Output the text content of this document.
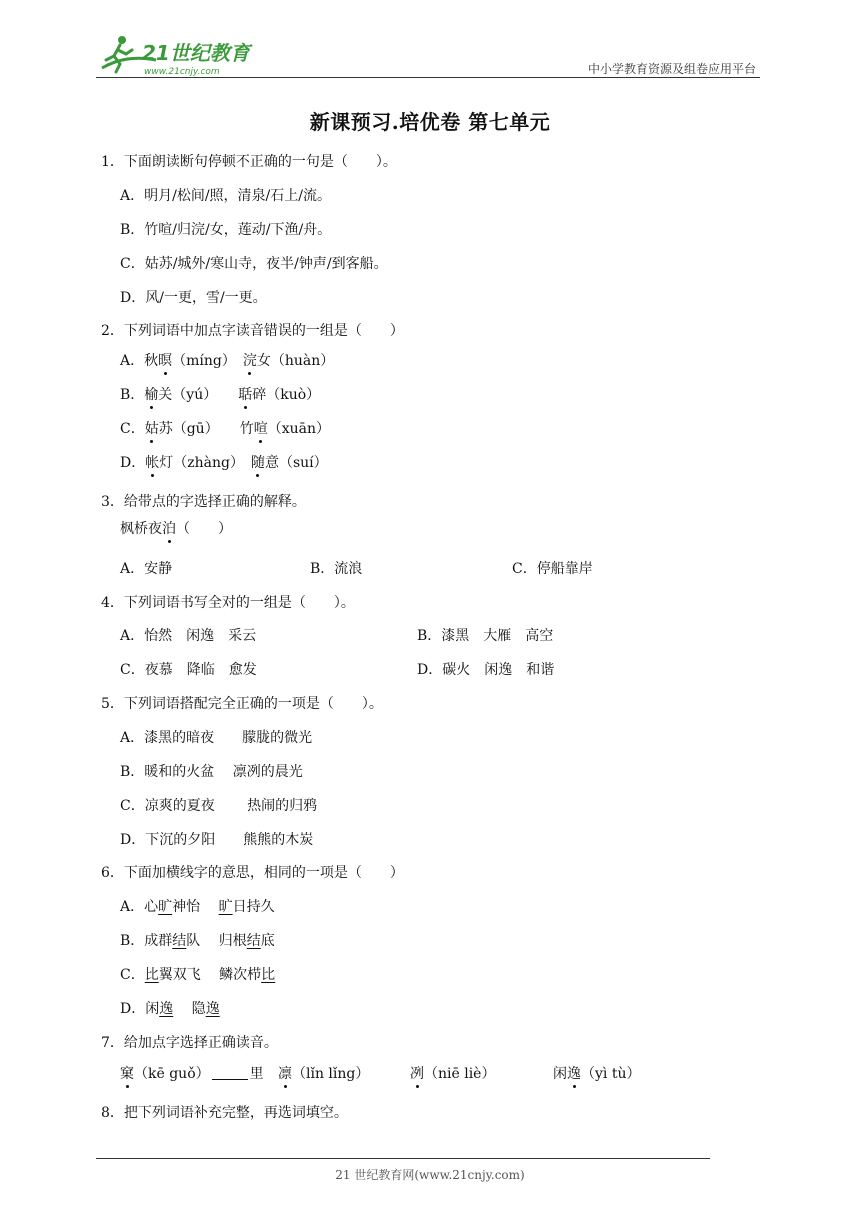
21世纪教育
www.21cnjy.com	中小学教育资源及组卷应用平台
新课预习.培优卷 第七单元
1．下面朗读断句停顿不正确的一句是（　　）。
A．明月/松间/照，清泉/石上/流。
B．竹喧/归浣/女，莲动/下渔/舟。
C．姑苏/城外/寒山寺，夜半/钟声/到客船。
D．风/一更，雪/一更。
2．下列词语中加点字读音错误的一组是（　　）
A．秋暝（míng）　浣女（huàn）
B．榆关（yú）　　聒碎（kuò）
C．姑苏（gū）　　竹喧（xuān）
D．帐灯（zhàng）　随意（suí）
3．给带点的字选择正确的解释。
枫桥夜泊（　　）
A．安静	B．流浪	C．停船靠岸
4．下列词语书写全对的一组是（　　）。
A．怡然　闲逸　采云	B．漆黑　大雁　高空
C．夜慕　降临　愈发	D．碳火　闲逸　和谐
5．下列词语搭配完全正确的一项是（　　）。
A．漆黑的暗夜　　朦胧的微光
B．暖和的火盆　 凛冽的晨光
C．凉爽的夏夜　　 热闹的归鸦
D．下沉的夕阳　　熊熊的木炭
6．下面加横线字的意思，相同的一项是（　　）
A．心旷神怡　 旷日持久
B．成群结队　 归根结底
C．比翼双飞　 鳞次栉比
D．闲逸　 隐逸
7．给加点字选择正确读音。
窠（kē guǒ）	里 凛（lǐn lǐng）	冽（niē liè）	闲逸（yì tù）
8．把下列词语补充完整，再选词填空。
21 世纪教育网(www.21cnjy.com)
